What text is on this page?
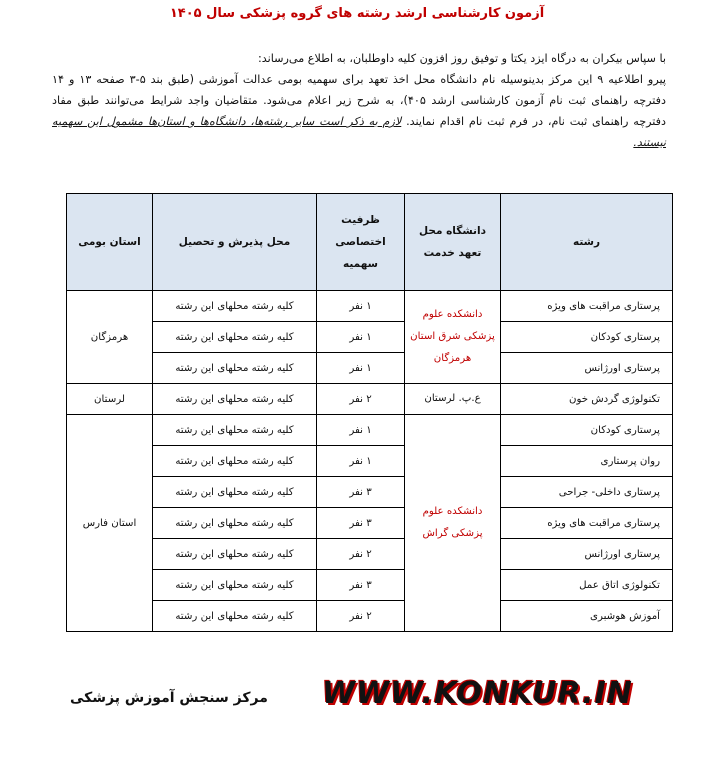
آزمون کارشناسی ارشد رشته های گروه پزشکی سال ۱۴۰۵

با سپاس بیکران به درگاه ایزد یکتا و توفیق روز افزون کلیه داوطلبان، به اطلاع می‌رساند:

پیرو اطلاعیه ۹ این مرکز بدینوسیله نام دانشگاه محل اخذ تعهد برای سهمیه بومی عدالت آموزشی (طبق بند ۵-۳ صفحه ۱۳ و ۱۴ دفترچه راهنمای ثبت نام آزمون کارشناسی ارشد ۴۰۵)، به شرح زیر اعلام می‌شود. متقاضیان واجد شرایط می‌توانند طبق مفاد دفترچه راهنمای ثبت نام، در فرم ثبت نام اقدام نمایند. لازم به ذکر است سایر رشته‌ها، دانشگاه‌ها و استان‌ها مشمول این سهمیه نیستند.

رشته	دانشگاه محل تعهد خدمت	ظرفیت اختصاصی سهمیه	محل پذیرش و تحصیل	استان بومی
پرستاری مراقبت های ویژه	دانشکده علوم پزشکی شرق استان هرمزگان	۱ نفر	کلیه رشته محلهای این رشته	هرمزگان
پرستاری کودکان		۱ نفر	کلیه رشته محلهای این رشته	
پرستاری اورژانس		۱ نفر	کلیه رشته محلهای این رشته	
تکنولوژی گردش خون	ع.پ. لرستان	۲ نفر	کلیه رشته محلهای این رشته	لرستان
پرستاری کودکان	دانشکده علوم پزشکی گراش	۱ نفر	کلیه رشته محلهای این رشته	استان فارس
روان پرستاری		۱ نفر	کلیه رشته محلهای این رشته	
پرستاری داخلی- جراحی		۳ نفر	کلیه رشته محلهای این رشته	
پرستاری مراقبت های ویژه		۳ نفر	کلیه رشته محلهای این رشته	
پرستاری اورژانس		۲ نفر	کلیه رشته محلهای این رشته	
تکنولوژی اتاق عمل		۳ نفر	کلیه رشته محلهای این رشته	
آموزش هوشبری		۲ نفر	کلیه رشته محلهای این رشته	
مرکز سنجش آموزش پزشکی WWW.KONKUR.IN
